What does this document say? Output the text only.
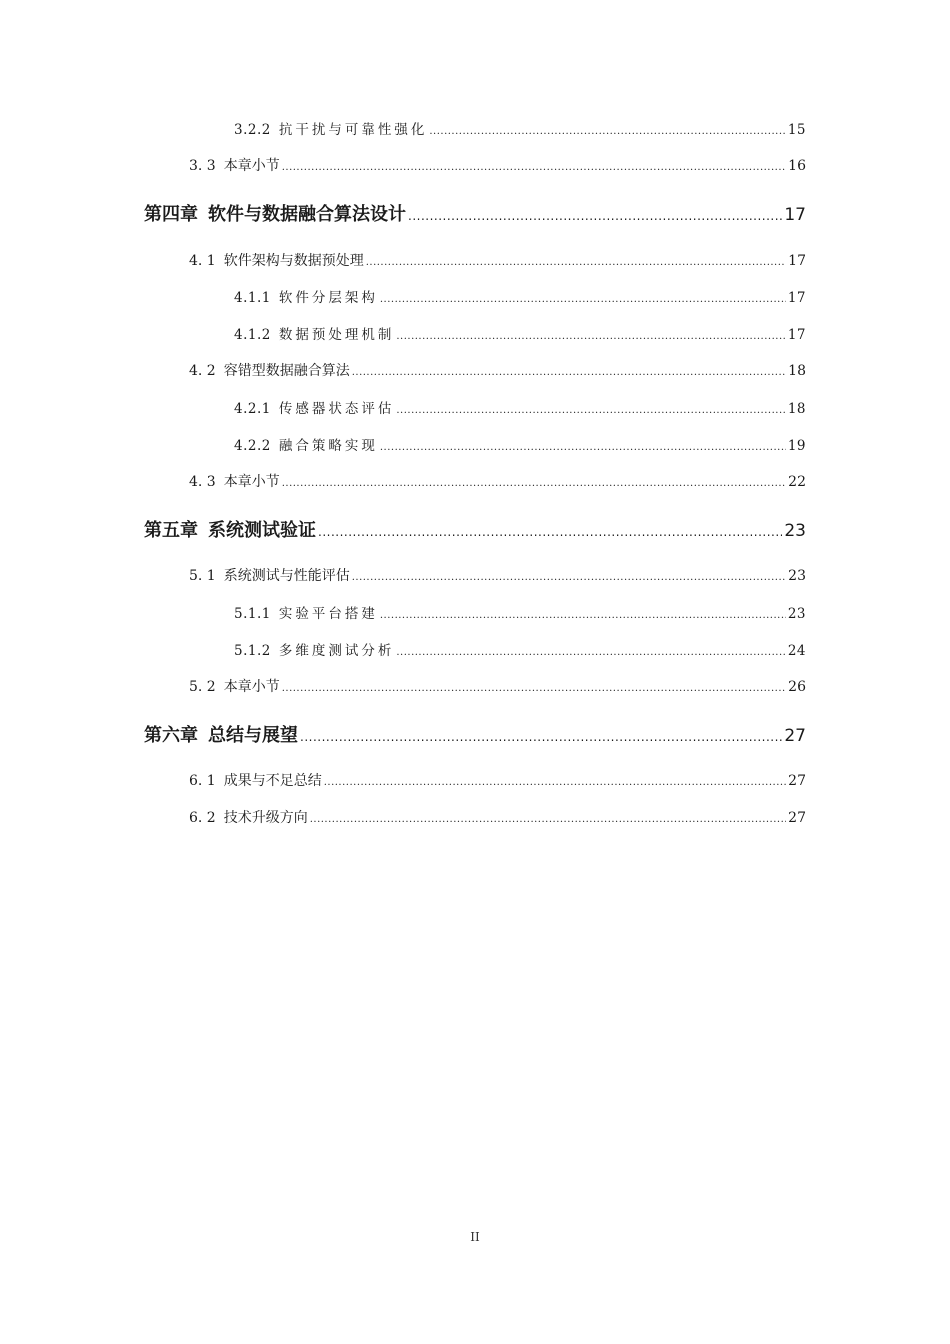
3.2.2 抗干扰与可靠性强化 .....	15
3. 3 本章小节 .....	16
第四章 软件与数据融合算法设计 .....	17
4. 1 软件架构与数据预处理 .....	17
4.1.1 软件分层架构 .....	17
4.1.2 数据预处理机制 .....	17
4. 2 容错型数据融合算法 .....	18
4.2.1 传感器状态评估 .....	18
4.2.2 融合策略实现 .....	19
4. 3 本章小节 .....	22
第五章 系统测试验证 .....	23
5. 1 系统测试与性能评估 .....	23
5.1.1 实验平台搭建 .....	23
5.1.2 多维度测试分析 .....	24
5. 2 本章小节 .....	26
第六章 总结与展望 .....	27
6. 1 成果与不足总结 .....	27
6. 2 技术升级方向 .....	27
II
